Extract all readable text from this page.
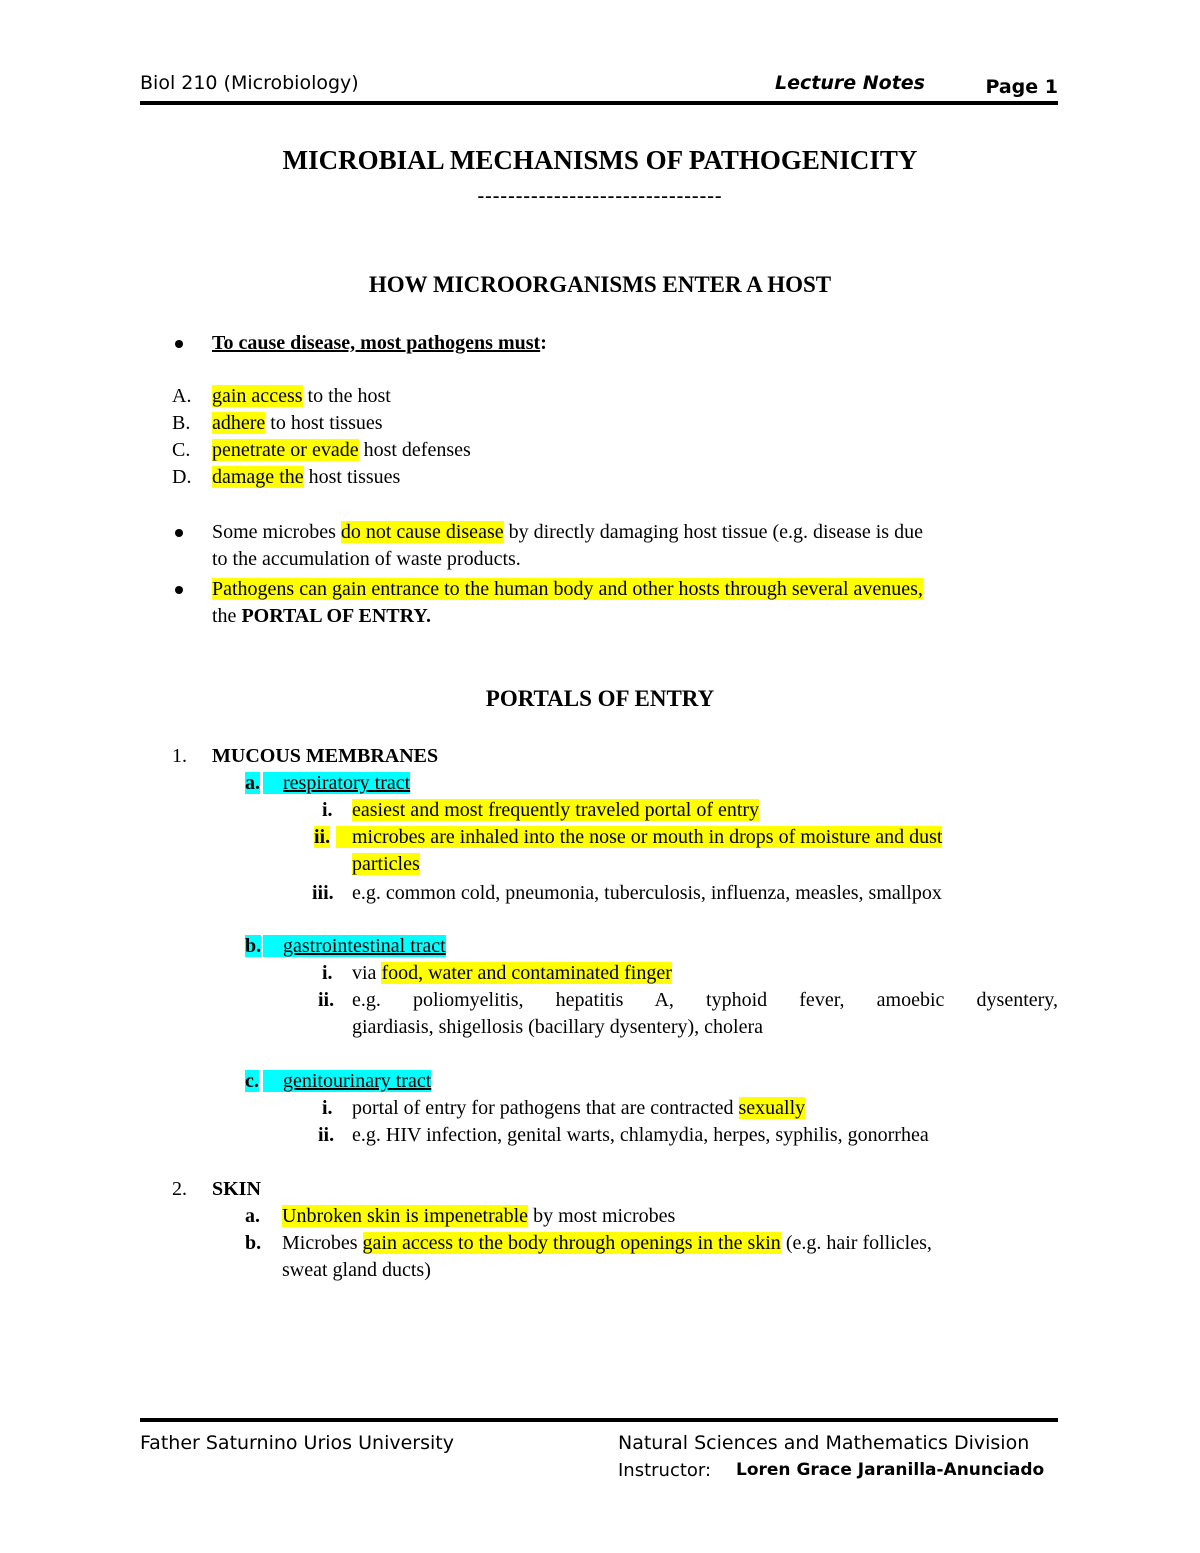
Biol 210 (Microbiology)	Lecture Notes	Page 1
MICROBIAL MECHANISMS OF PATHOGENICITY
--------------------------------
HOW MICROORGANISMS ENTER A HOST
To cause disease, most pathogens must:
A. gain access to the host
B. adhere to host tissues
C. penetrate or evade host defenses
D. damage the host tissues
Some microbes do not cause disease by directly damaging host tissue (e.g. disease is due
to the accumulation of waste products.
Pathogens can gain entrance to the human body and other hosts through several avenues,
the PORTAL OF ENTRY.
PORTALS OF ENTRY
1. MUCOUS MEMBRANES
a.	respiratory tract
i. easiest and most frequently traveled portal of entry
ii.	microbes are inhaled into the nose or mouth in drops of moisture and dust
particles
iii. e.g. common cold, pneumonia, tuberculosis, influenza, measles, smallpox
b.	gastrointestinal tract
i. via food, water and contaminated finger
ii. e.g. poliomyelitis, hepatitis A, typhoid fever, amoebic dysentery,
giardiasis, shigellosis (bacillary dysentery), cholera
c.	genitourinary tract
i. portal of entry for pathogens that are contracted sexually
ii. e.g. HIV infection, genital warts, chlamydia, herpes, syphilis, gonorrhea
2. SKIN
a. Unbroken skin is impenetrable by most microbes
b. Microbes gain access to the body through openings in the skin (e.g. hair follicles,
sweat gland ducts)
Father Saturnino Urios University	Natural Sciences and Mathematics Division
Instructor: Loren Grace Jaranilla-Anunciado
